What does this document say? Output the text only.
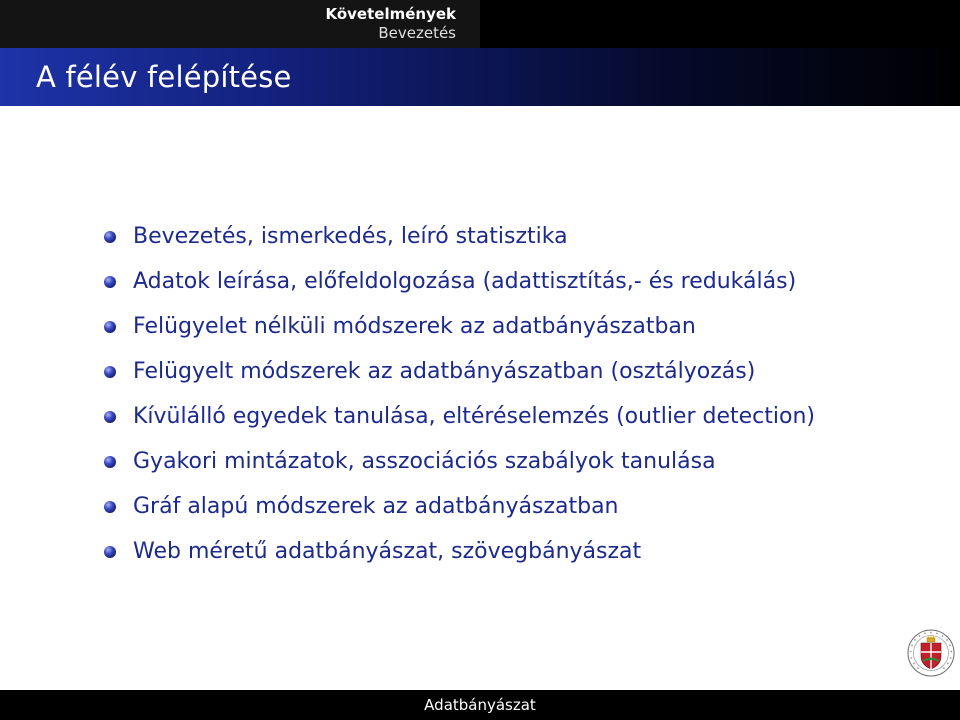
Követelmények
Bevezetés
A félév felépítése
Bevezetés, ismerkedés, leíró statisztika
Adatok leírása, előfeldolgozása (adattisztítás,- és redukálás)
Felügyelet nélküli módszerek az adatbányászatban
Felügyelt módszerek az adatbányászatban (osztályozás)
Kívülálló egyedek tanulása, eltéréselemzés (outlier detection)
Gyakori mintázatok, asszociációs szabályok tanulása
Gráf alapú módszerek az adatbányászatban
Web méretű adatbányászat, szövegbányászat
Adatbányászat
